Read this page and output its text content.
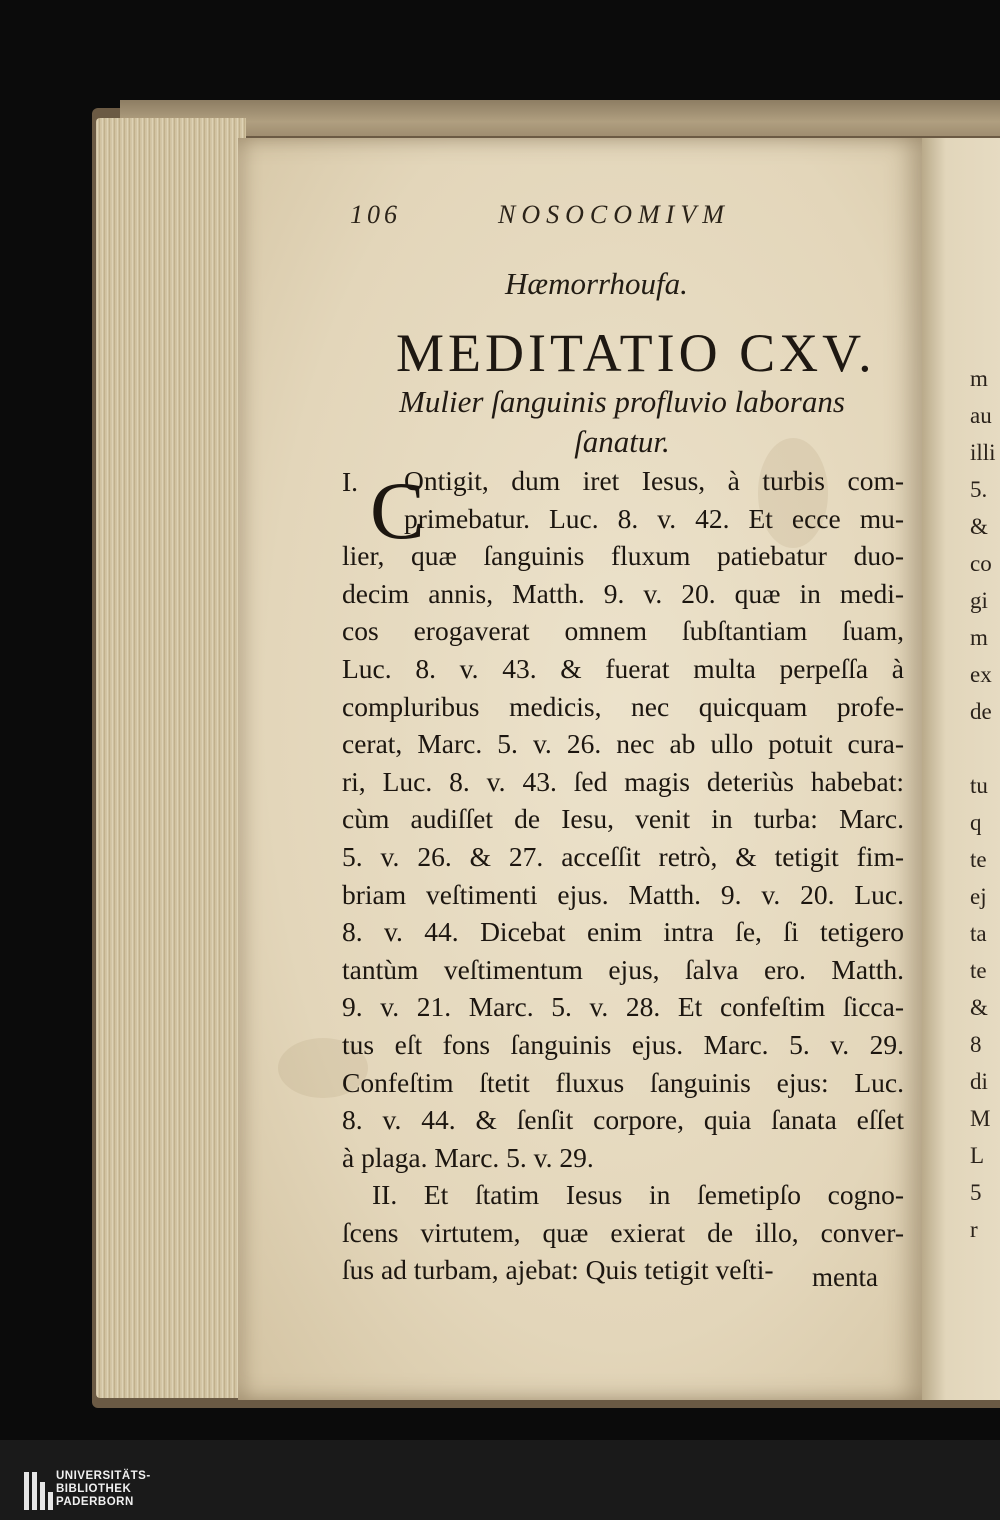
m
au
illi
5.
&
co
gi
m
ex
de

tu
q
te
ej
ta
te
&
8
di
M
L
5
r
106	NOSOCOMIVM
Hæmorrhoufa.
MEDITATIO CXV.
Mulier ſanguinis profluvio laborans
ſanatur.
I. C
Ontigit, dum iret Iesus, à turbis com-
primebatur. Luc. 8. v. 42. Et ecce mu-
lier, quæ ſanguinis fluxum patiebatur duo-
decim annis, Matth. 9. v. 20. quæ in medi-
cos erogaverat omnem ſubſtantiam ſuam,
Luc. 8. v. 43. & fuerat multa perpeſſa à
compluribus medicis, nec quicquam profe-
cerat, Marc. 5. v. 26. nec ab ullo potuit cura-
ri, Luc. 8. v. 43. ſed magis deteriùs habebat:
cùm audiſſet de Iesu, venit in turba: Marc.
5. v. 26. & 27. acceſſit retrò, & tetigit fim-
briam veſtimenti ejus. Matth. 9. v. 20. Luc.
8. v. 44. Dicebat enim intra ſe, ſi tetigero
tantùm veſtimentum ejus, ſalva ero. Matth.
9. v. 21. Marc. 5. v. 28. Et confeſtim ſicca-
tus eſt fons ſanguinis ejus. Marc. 5. v. 29.
Confeſtim ſtetit fluxus ſanguinis ejus: Luc.
8. v. 44. & ſenſit corpore, quia ſanata eſſet
à plaga. Marc. 5. v. 29.
II. Et ſtatim Iesus in ſemetipſo cogno-
ſcens virtutem, quæ exierat de illo, conver-
ſus ad turbam, ajebat: Quis tetigit veſti-	menta
UNIVERSITÄTS-
BIBLIOTHEK
PADERBORN
